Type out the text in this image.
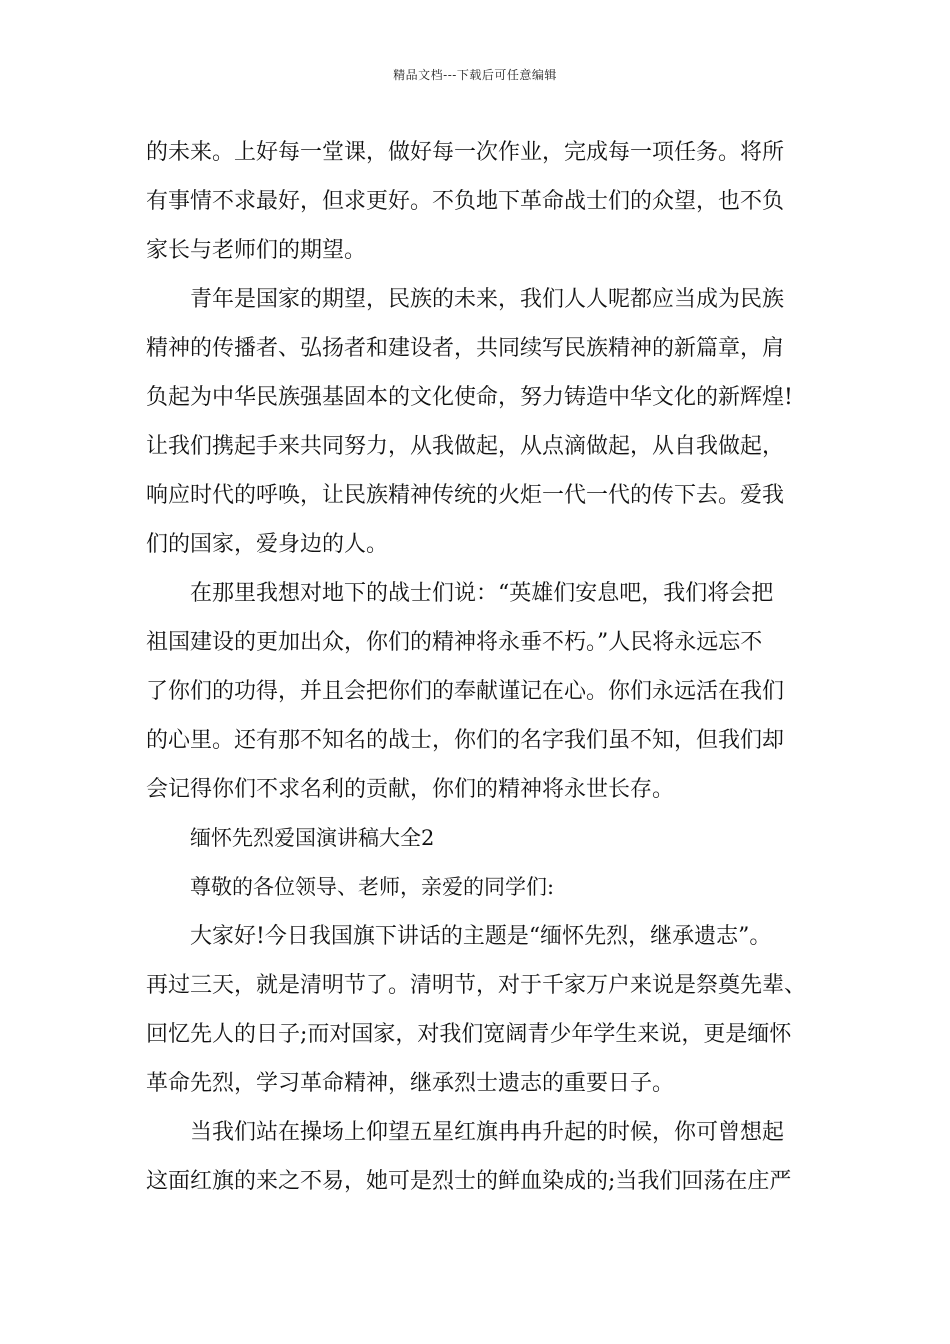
精品文档---下载后可任意编辑
的未来。上好每一堂课，做好每一次作业，完成每一项任务。将所
有事情不求最好，但求更好。不负地下革命战士们的众望，也不负
家长与老师们的期望。
青年是国家的期望，民族的未来，我们人人呢都应当成为民族
精神的传播者、弘扬者和建设者，共同续写民族精神的新篇章，肩
负起为中华民族强基固本的文化使命，努力铸造中华文化的新辉煌!
让我们携起手来共同努力，从我做起，从点滴做起，从自我做起，
响应时代的呼唤，让民族精神传统的火炬一代一代的传下去。爱我
们的国家，爱身边的人。
在那里我想对地下的战士们说：“英雄们安息吧，我们将会把
祖国建设的更加出众，你们的精神将永垂不朽。”人民将永远忘不
了你们的功得，并且会把你们的奉献谨记在心。你们永远活在我们
的心里。还有那不知名的战士，你们的名字我们虽不知，但我们却
会记得你们不求名利的贡献，你们的精神将永世长存。
缅怀先烈爱国演讲稿大全2
尊敬的各位领导、老师，亲爱的同学们:
大家好!今日我国旗下讲话的主题是“缅怀先烈，继承遗志”。
再过三天，就是清明节了。清明节，对于千家万户来说是祭奠先辈、
回忆先人的日子;而对国家，对我们宽阔青少年学生来说，更是缅怀
革命先烈，学习革命精神，继承烈士遗志的重要日子。
当我们站在操场上仰望五星红旗冉冉升起的时候，你可曾想起
这面红旗的来之不易，她可是烈士的鲜血染成的;当我们回荡在庄严
